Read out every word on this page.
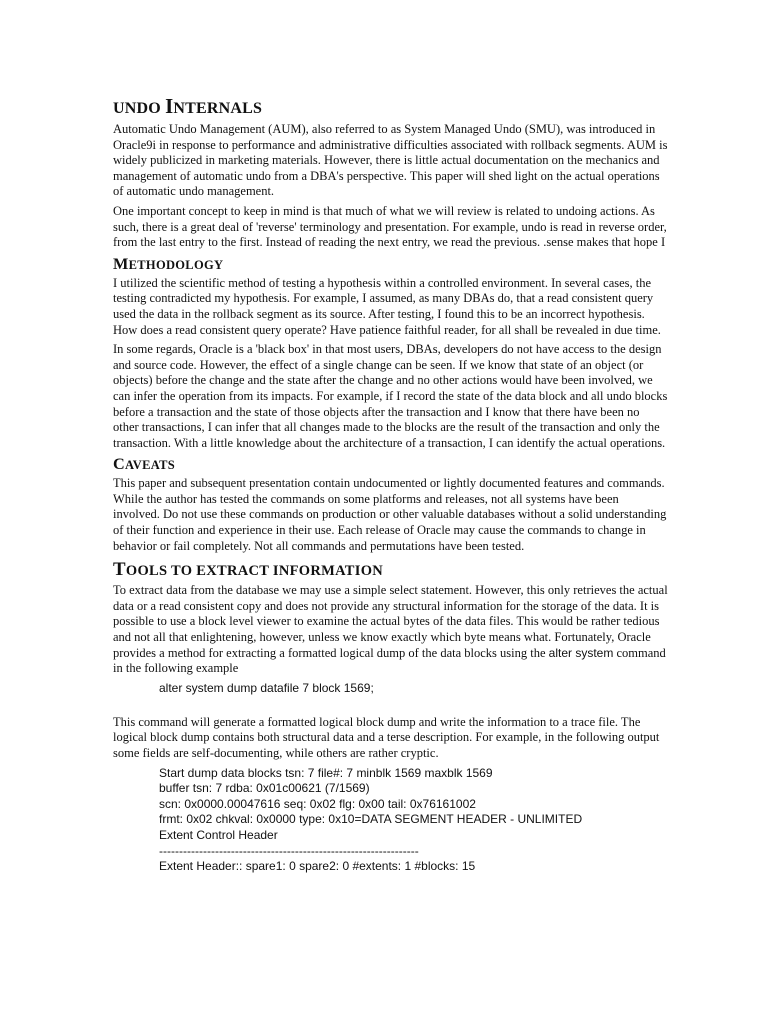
UNDO INTERNALS

Automatic Undo Management (AUM), also referred to as System Managed Undo (SMU), was introduced in Oracle9i in response to performance and administrative difficulties associated with rollback segments. AUM is widely publicized in marketing materials. However, there is little actual documentation on the mechanics and management of automatic undo from a DBA's perspective. This paper will shed light on the actual operations of automatic undo management.

One important concept to keep in mind is that much of what we will review is related to undoing actions. As such, there is a great deal of 'reverse' terminology and presentation. For example, undo is read in reverse order, from the last entry to the first. Instead of reading the next entry, we read the previous. .sense makes that hope I

METHODOLOGY

I utilized the scientific method of testing a hypothesis within a controlled environment. In several cases, the testing contradicted my hypothesis. For example, I assumed, as many DBAs do, that a read consistent query used the data in the rollback segment as its source. After testing, I found this to be an incorrect hypothesis. How does a read consistent query operate? Have patience faithful reader, for all shall be revealed in due time.

In some regards, Oracle is a 'black box' in that most users, DBAs, developers do not have access to the design and source code. However, the effect of a single change can be seen. If we know that state of an object (or objects) before the change and the state after the change and no other actions would have been involved, we can infer the operation from its impacts. For example, if I record the state of the data block and all undo blocks before a transaction and the state of those objects after the transaction and I know that there have been no other transactions, I can infer that all changes made to the blocks are the result of the transaction and only the transaction. With a little knowledge about the architecture of a transaction, I can identify the actual operations.

CAVEATS

This paper and subsequent presentation contain undocumented or lightly documented features and commands. While the author has tested the commands on some platforms and releases, not all systems have been involved. Do not use these commands on production or other valuable databases without a solid understanding of their function and experience in their use. Each release of Oracle may cause the commands to change in behavior or fail completely. Not all commands and permutations have been tested.

TOOLS TO EXTRACT INFORMATION

To extract data from the database we may use a simple select statement. However, this only retrieves the actual data or a read consistent copy and does not provide any structural information for the storage of the data. It is possible to use a block level viewer to examine the actual bytes of the data files. This would be rather tedious and not all that enlightening, however, unless we know exactly which byte means what. Fortunately, Oracle provides a method for extracting a formatted logical dump of the data blocks using the alter system command in the following example

alter system dump datafile 7 block 1569;

This command will generate a formatted logical block dump and write the information to a trace file. The logical block dump contains both structural data and a terse description. For example, in the following output some fields are self-documenting, while others are rather cryptic.

Start dump data blocks tsn: 7 file#: 7 minblk 1569 maxblk 1569
buffer tsn: 7 rdba: 0x01c00621 (7/1569)
scn: 0x0000.00047616 seq: 0x02 flg: 0x00 tail: 0x76161002
frmt: 0x02 chkval: 0x0000 type: 0x10=DATA SEGMENT HEADER - UNLIMITED
Extent Control Header
-----------------------------------------------------------------
Extent Header:: spare1: 0 spare2: 0 #extents: 1 #blocks: 15
